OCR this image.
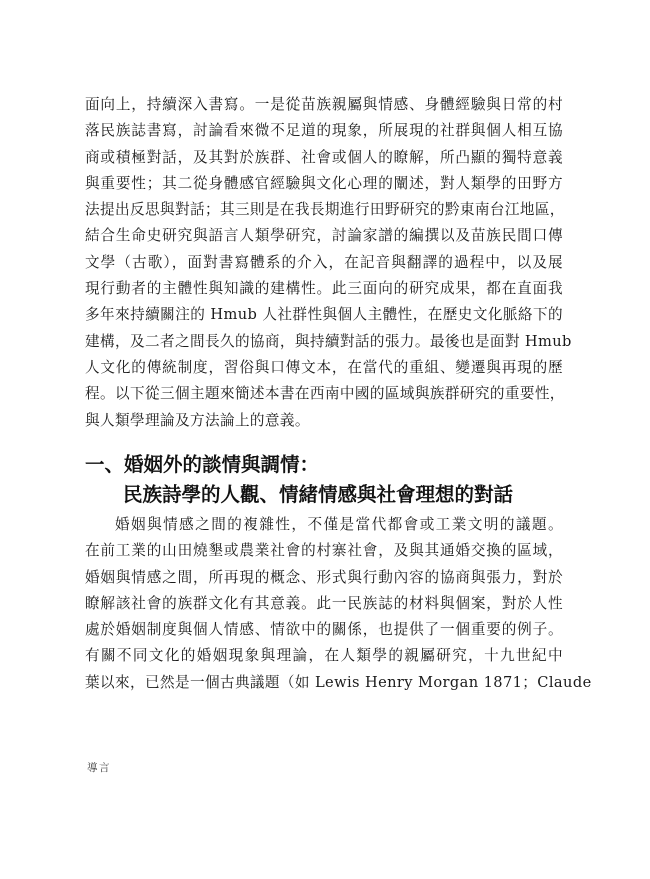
面向上，持續深入書寫。一是從苗族親屬與情感、身體經驗與日常的村
落民族誌書寫，討論看來微不足道的現象，所展現的社群與個人相互協
商或積極對話，及其對於族群、社會或個人的瞭解，所凸顯的獨特意義
與重要性；其二從身體感官經驗與文化心理的闡述，對人類學的田野方
法提出反思與對話；其三則是在我長期進行田野研究的黔東南台江地區，
結合生命史研究與語言人類學研究，討論家譜的編撰以及苗族民間口傳
文學（古歌），面對書寫體系的介入，在記音與翻譯的過程中，以及展
現行動者的主體性與知識的建構性。此三面向的研究成果，都在直面我
多年來持續關注的 Hmub 人社群性與個人主體性，在歷史文化脈絡下的
建構，及二者之間長久的協商，與持續對話的張力。最後也是面對 Hmub
人文化的傳統制度，習俗與口傳文本，在當代的重組、變遷與再現的歷
程。以下從三個主題來簡述本書在西南中國的區域與族群研究的重要性，
與人類學理論及方法論上的意義。
一、婚姻外的談情與調情：
民族詩學的人觀、情緒情感與社會理想的對話
婚姻與情感之間的複雜性，不僅是當代都會或工業文明的議題。
在前工業的山田燒墾或農業社會的村寨社會，及與其通婚交換的區域，
婚姻與情感之間，所再現的概念、形式與行動內容的協商與張力，對於
瞭解該社會的族群文化有其意義。此一民族誌的材料與個案，對於人性
處於婚姻制度與個人情感、情欲中的關係，也提供了一個重要的例子。
有關不同文化的婚姻現象與理論，在人類學的親屬研究，十九世紀中
葉以來，已然是一個古典議題（如 Lewis Henry Morgan 1871；Claude
導言
